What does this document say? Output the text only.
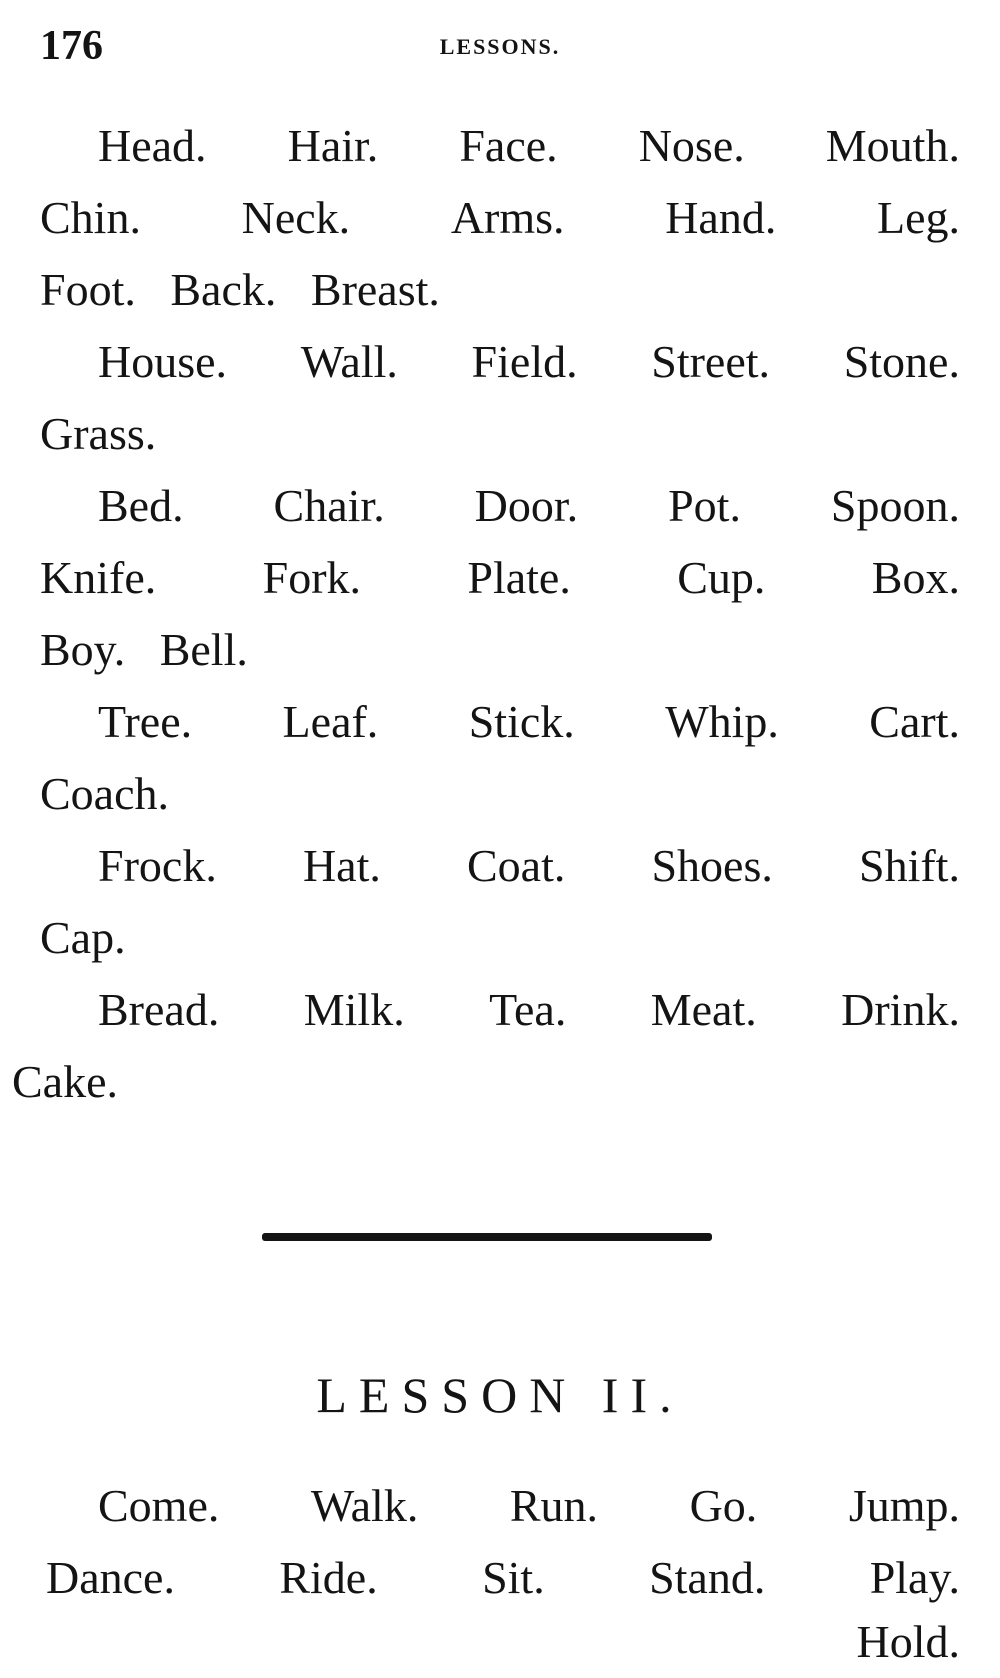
176	LESSONS.
Head. Hair. Face. Nose. Mouth.
Chin. Neck. Arms. Hand. Leg.
Foot. Back. Breast.
House. Wall. Field. Street. Stone.
Grass.
Bed. Chair. Door. Pot. Spoon.
Knife. Fork. Plate. Cup. Box.
Boy. Bell.
Tree. Leaf. Stick. Whip. Cart.
Coach.
Frock. Hat. Coat. Shoes. Shift.
Cap.
Bread. Milk. Tea. Meat. Drink.
Cake.
LESSON II.
Come. Walk. Run. Go. Jump.
Dance. Ride. Sit. Stand. Play.
Hold.
